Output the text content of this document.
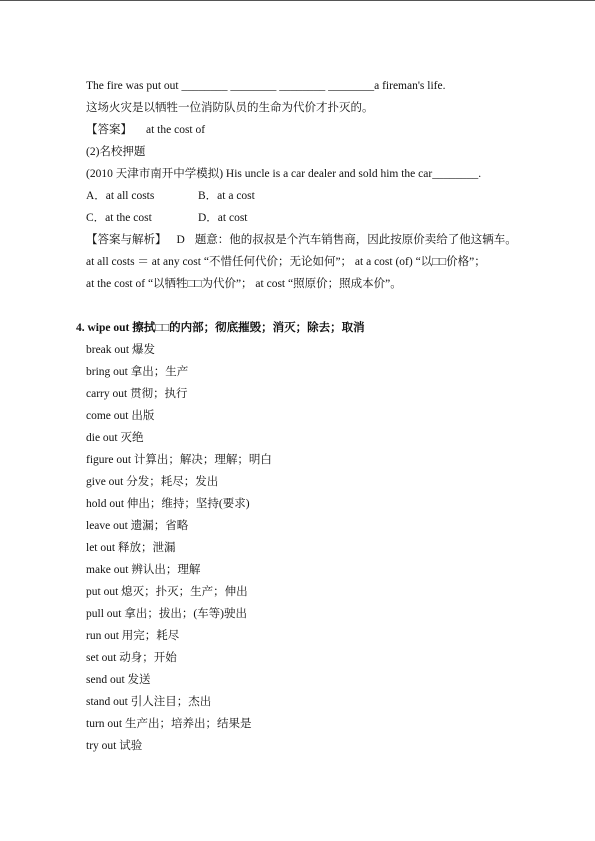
The fire was put out ________ ________ ________ ________a fireman's life.

这场火灾是以牺牲一位消防队员的生命为代价才扑灭的。

【答案】 at the cost of

(2)名校押题

(2010 天津市南开中学模拟) His uncle is a car dealer and sold him the car________.

A．at all costs	B．at a cost

C．at the cost	D．at cost

【答案与解析】 D 题意：他的叔叔是个汽车销售商，因此按原价卖给了他这辆车。

at all costs ＝ at any cost “不惜任何代价；无论如何”； at a cost (of) “以□□价格”；

at the cost of “以牺牲□□为代价”； at cost “照原价；照成本价”。

4. wipe out 擦拭□□的内部；彻底摧毁；消灭；除去；取消

break out 爆发

bring out 拿出；生产

carry out 贯彻；执行

come out 出版

die out 灭绝

figure out 计算出；解决；理解；明白

give out 分发；耗尽；发出

hold out 伸出；维持；坚持(要求)

leave out 遗漏；省略

let out 释放；泄漏

make out 辨认出；理解

put out 熄灭；扑灭；生产；伸出

pull out 拿出；拔出；(车等)驶出

run out 用完；耗尽

set out 动身；开始

send out 发送

stand out 引人注目；杰出

turn out 生产出；培养出；结果是

try out 试验
